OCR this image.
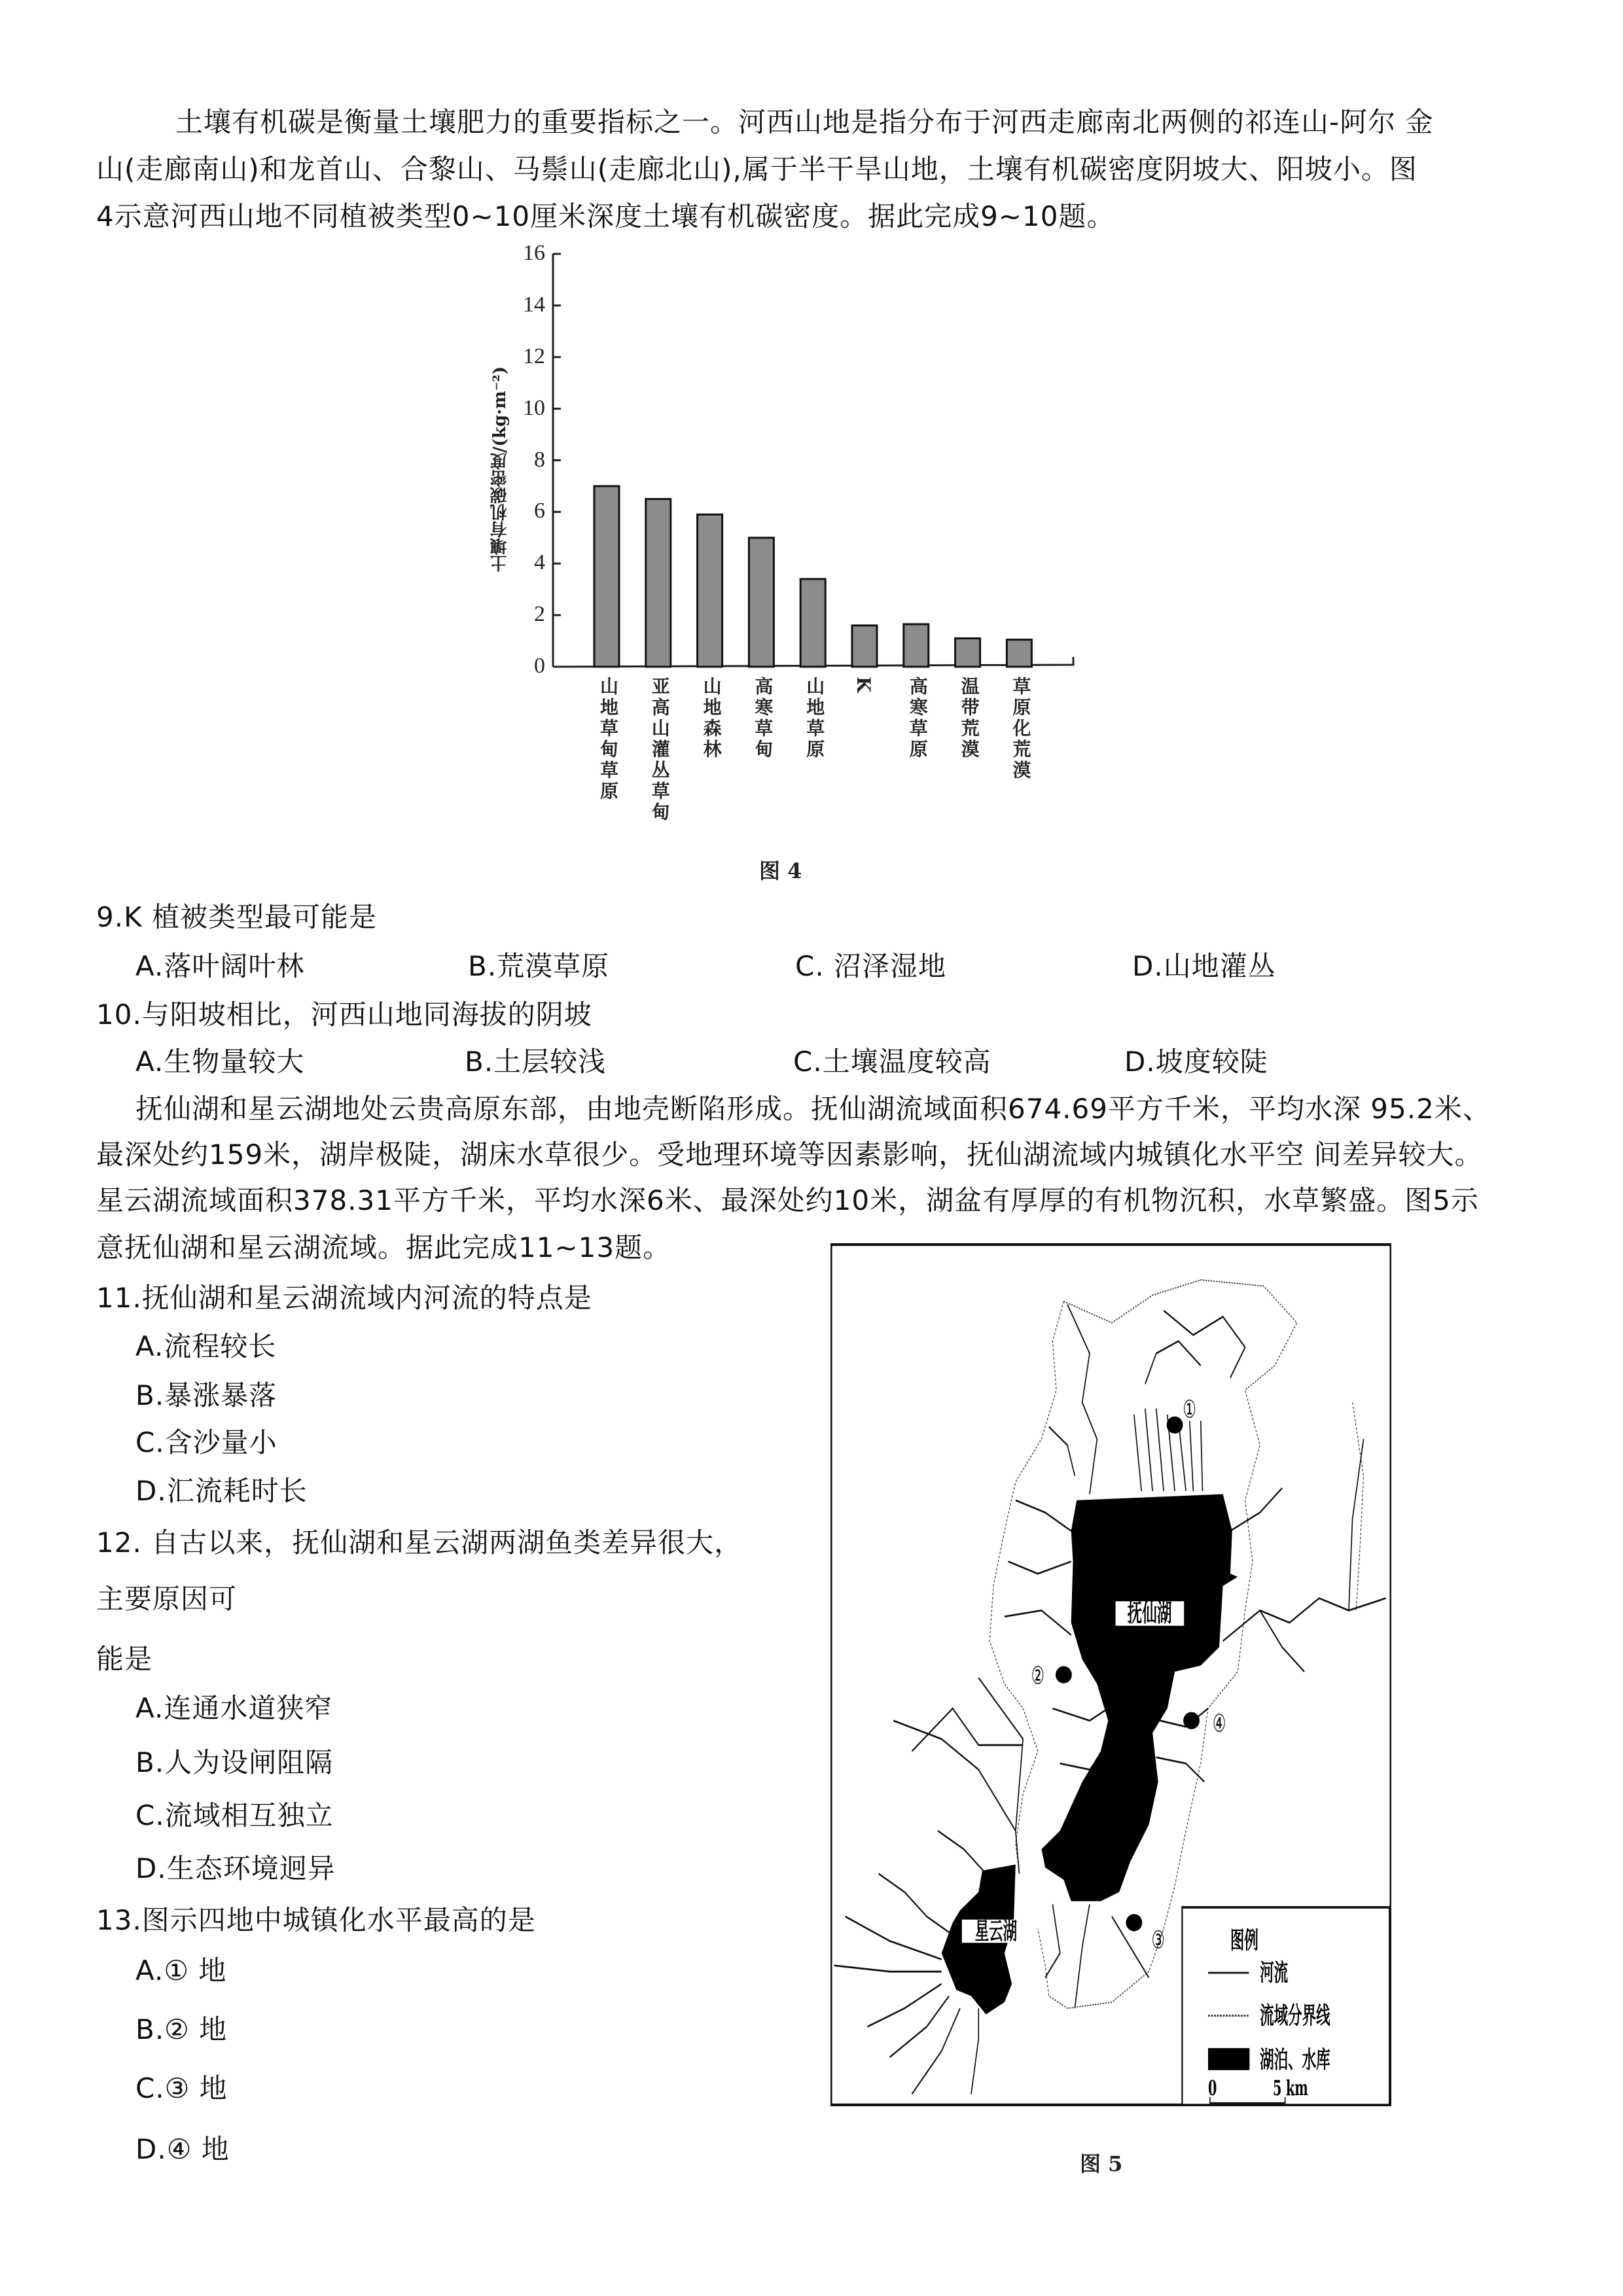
土壤有机碳是衡量土壤肥力的重要指标之一。河西山地是指分布于河西走廊南北两侧的祁连山-阿尔 金
山(走廊南山)和龙首山、合黎山、马鬃山(走廊北山),属于半干旱山地，土壤有机碳密度阴坡大、阳坡小。图
4示意河西山地不同植被类型0~10厘米深度土壤有机碳密度。据此完成9~10题。
土壤有机碳密度/(kg·m⁻²)
0
2
4
6
8
10
12
14
16
山地草甸草原 亚高山灌丛草甸 山地森林 高寒草甸 山地草原 K 高寒草原 温带荒漠 草原化荒漠
图 4
9.K 植被类型最可能是
A.落叶阔叶林	B.荒漠草原	C. 沼泽湿地	D.山地灌丛
10.与阳坡相比，河西山地同海拔的阴坡
A.生物量较大	B.土层较浅	C.土壤温度较高	D.坡度较陡
抚仙湖和星云湖地处云贵高原东部，由地壳断陷形成。抚仙湖流域面积674.69平方千米，平均水深 95.2米、
最深处约159米，湖岸极陡，湖床水草很少。受地理环境等因素影响，抚仙湖流域内城镇化水平空 间差异较大。
星云湖流域面积378.31平方千米，平均水深6米、最深处约10米，湖盆有厚厚的有机物沉积，水草繁盛。图5示
意抚仙湖和星云湖流域。据此完成11~13题。
11.抚仙湖和星云湖流域内河流的特点是
A.流程较长
B.暴涨暴落
C.含沙量小
D.汇流耗时长
12. 自古以来，抚仙湖和星云湖两湖鱼类差异很大，
主要原因可
能是
A.连通水道狭窄
B.人为设闸阻隔
C.流域相互独立
D.生态环境迥异
13.图示四地中城镇化水平最高的是
A.① 地
B.② 地
C.③ 地
D.④ 地
抚仙湖
星云湖
①
②
③
④
图例
河流
流域分界线
湖泊、水库
0	5 km
图 5
